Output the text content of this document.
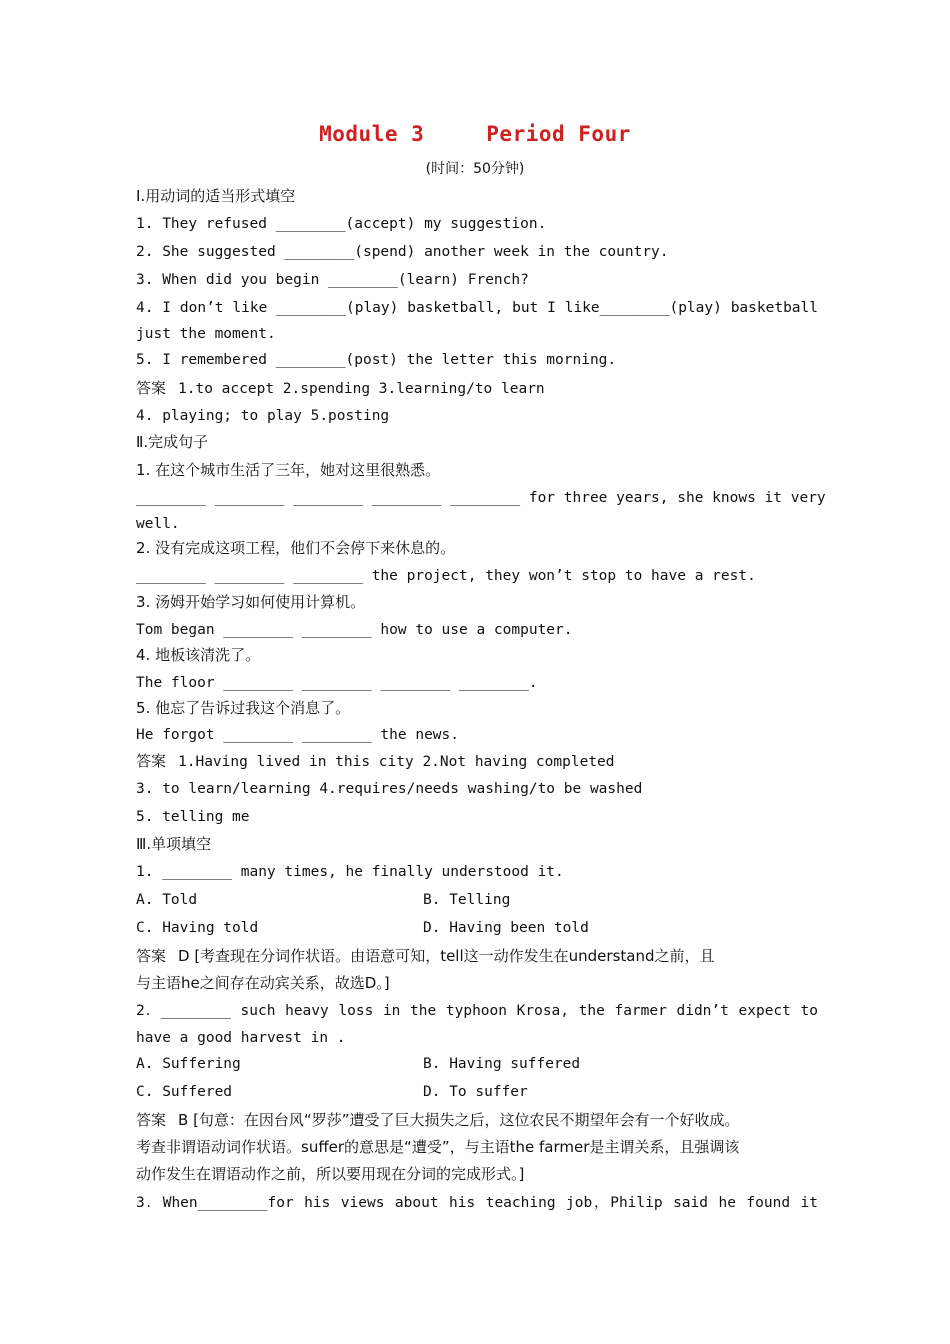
Module 3	Period Four
(时间：50分钟)
Ⅰ.用动词的适当形式填空
1. They refused ________(accept) my suggestion.
2. She suggested ________(spend) another week in the country.
3. When did you begin ________(learn) French?
4. I don’t like ________(play) basketball, but I like________(play) basketball
just the moment.
5. I remembered ________(post) the letter this morning.
答案 1.to accept 2.spending 3.learning/to learn
4. playing; to play 5.posting
Ⅱ.完成句子
1. 在这个城市生活了三年，她对这里很熟悉。
________ ________ ________ ________ ________ for three years, she knows it very
well.
2. 没有完成这项工程，他们不会停下来休息的。
________ ________ ________ the project, they won’t stop to have a rest.
3. 汤姆开始学习如何使用计算机。
Tom began ________ ________ how to use a computer.
4. 地板该清洗了。
The floor ________ ________ ________ ________.
5. 他忘了告诉过我这个消息了。
He forgot ________ ________ the news.
答案 1.Having lived in this city 2.Not having completed
3. to learn/learning 4.requires/needs washing/to be washed
5. telling me
Ⅲ.单项填空
1. ________ many times, he finally understood it.
A. Told	B. Telling
C. Having told	D. Having been told
答案 D [考查现在分词作状语。由语意可知，tell这一动作发生在understand之前，且
与主语he之间存在动宾关系，故选D。]
2．________ such heavy loss in the typhoon Krosa, the farmer didn’t expect to
have a good harvest in .
A. Suffering	B. Having suffered
C. Suffered	D. To suffer
答案 B [句意：在因台风“罗莎”遭受了巨大损失之后，这位农民不期望年会有一个好收成。
考查非谓语动词作状语。suffer的意思是“遭受”，与主语the farmer是主谓关系，且强调该
动作发生在谓语动作之前，所以要用现在分词的完成形式。]
3．When________for his views about his teaching job，Philip said he found it
